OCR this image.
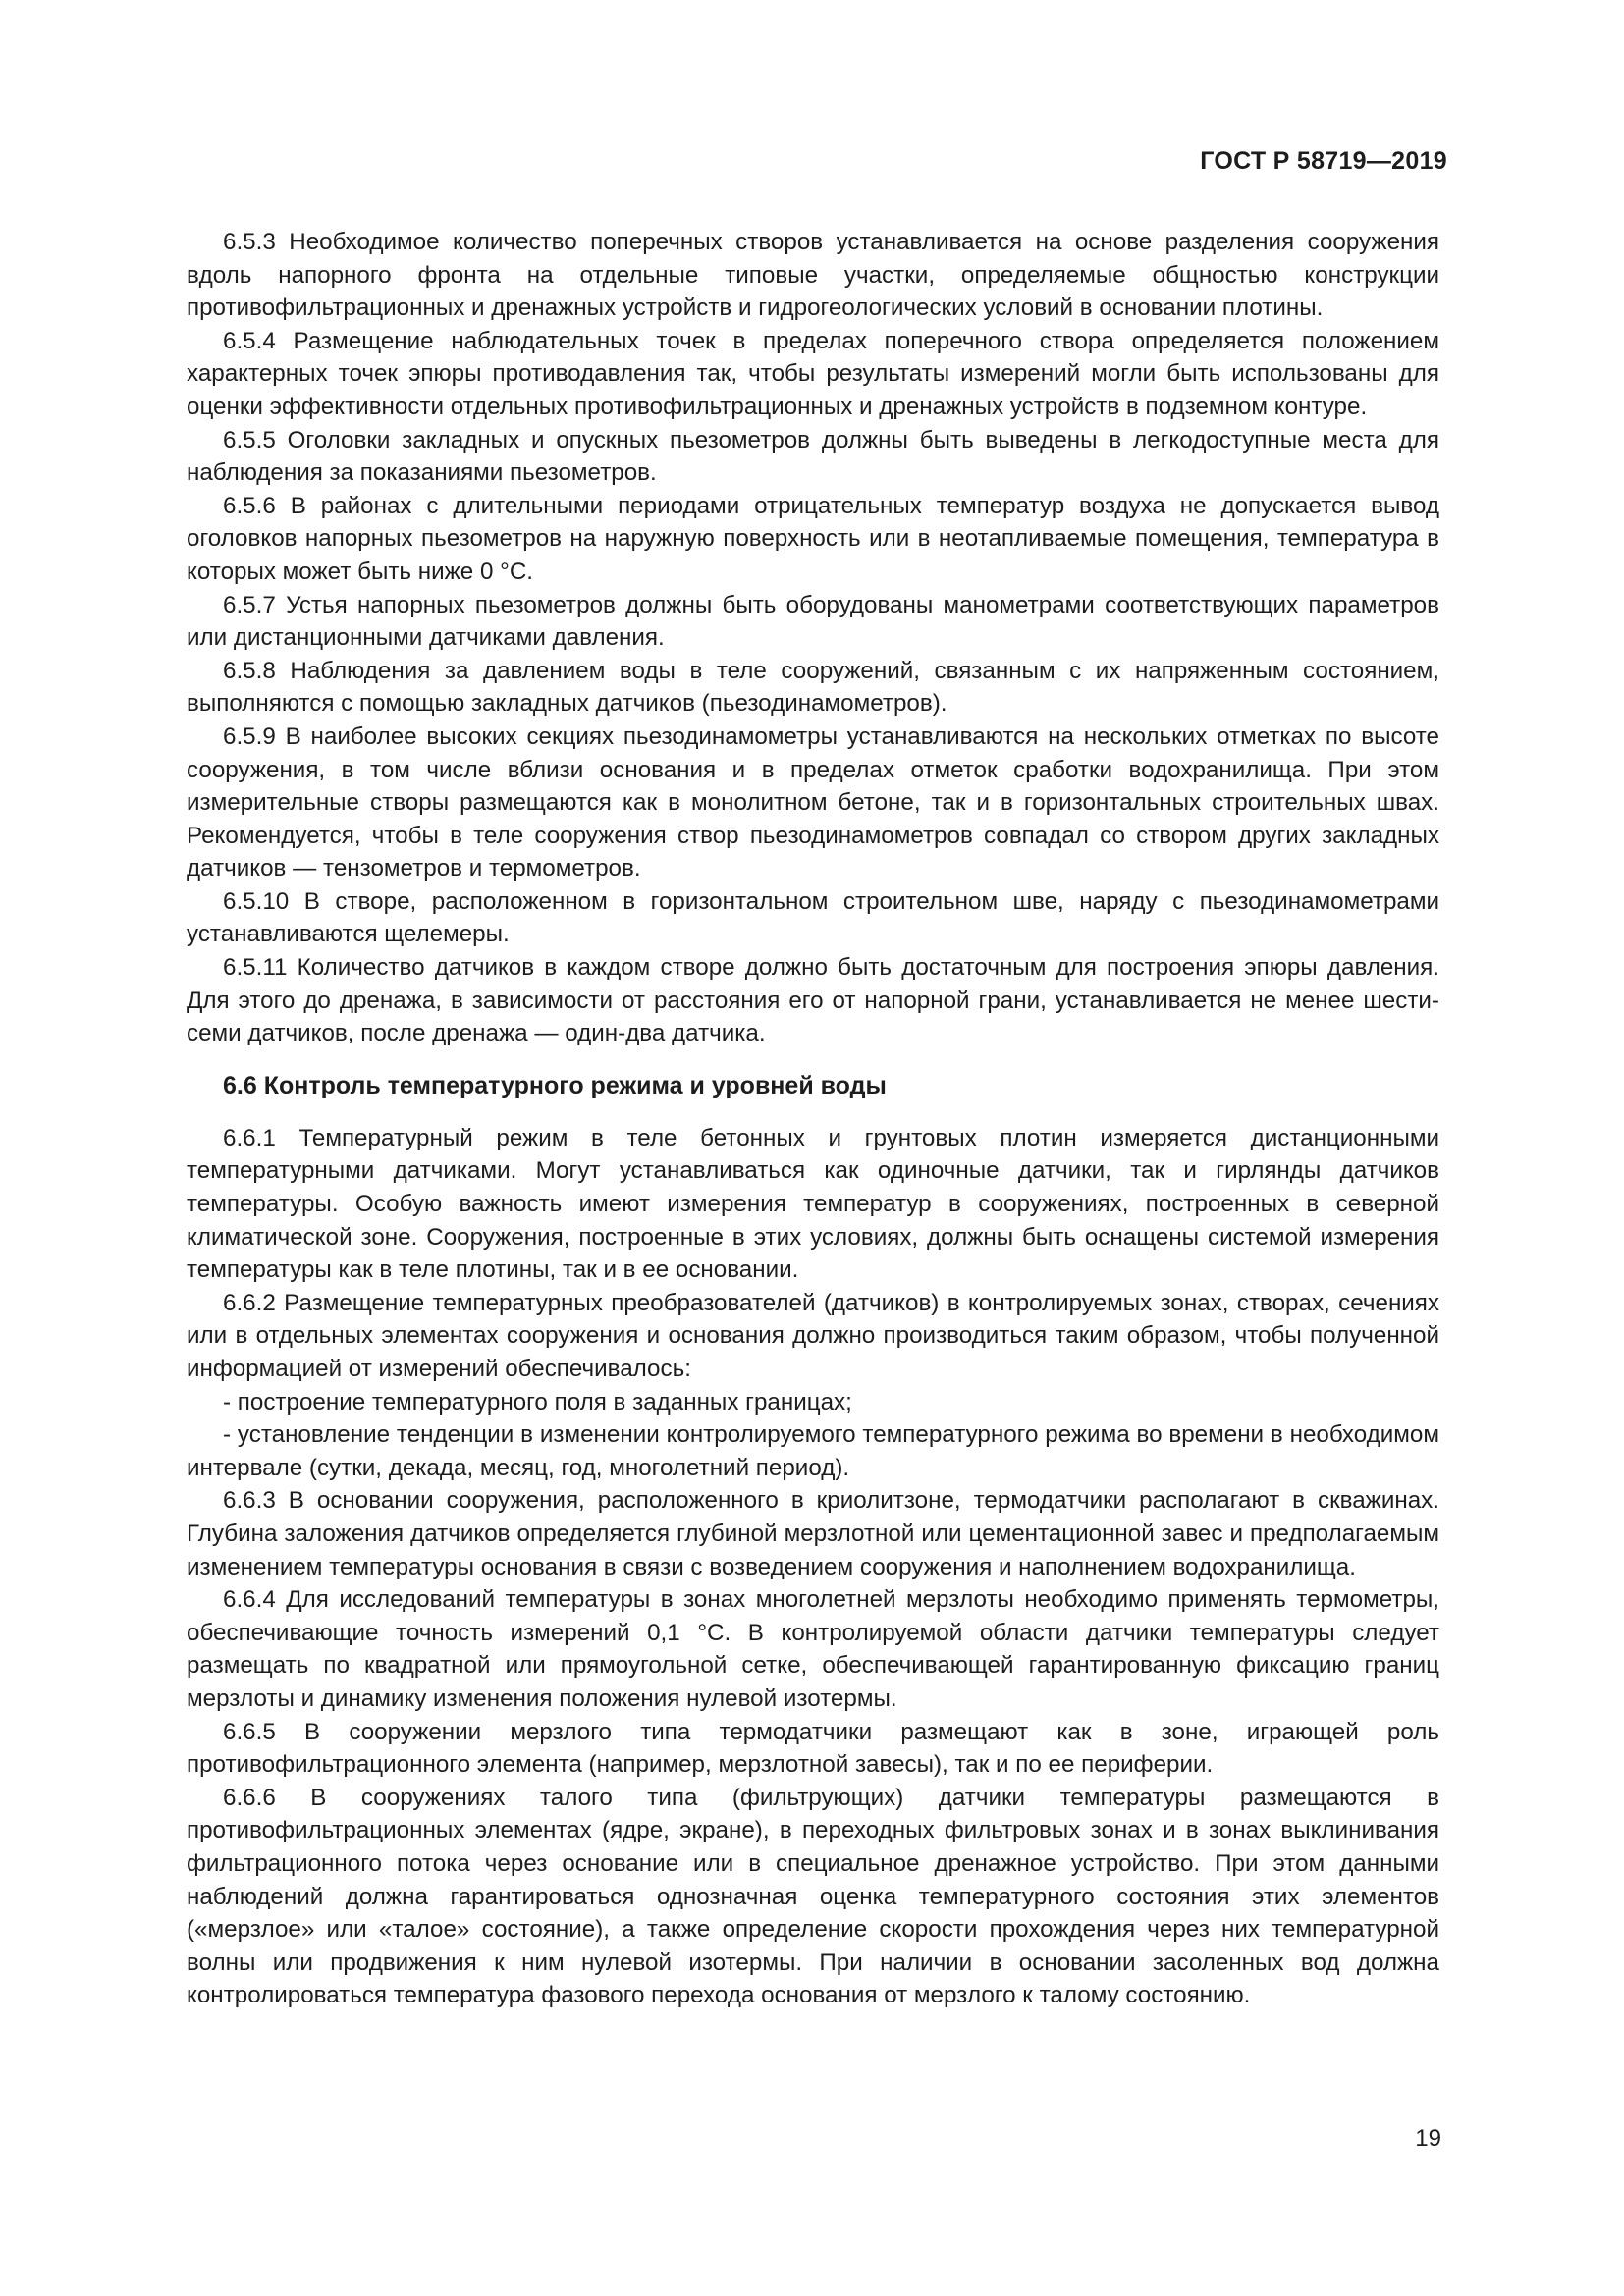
ГОСТ Р 58719—2019

6.5.3 Необходимое количество поперечных створов устанавливается на основе разделения сооружения вдоль напорного фронта на отдельные типовые участки, определяемые общностью конструкции противофильтрационных и дренажных устройств и гидрогеологических условий в основании плотины.

6.5.4 Размещение наблюдательных точек в пределах поперечного створа определяется положением характерных точек эпюры противодавления так, чтобы результаты измерений могли быть использованы для оценки эффективности отдельных противофильтрационных и дренажных устройств в подземном контуре.

6.5.5 Оголовки закладных и опускных пьезометров должны быть выведены в легкодоступные места для наблюдения за показаниями пьезометров.

6.5.6 В районах с длительными периодами отрицательных температур воздуха не допускается вывод оголовков напорных пьезометров на наружную поверхность или в неотапливаемые помещения, температура в которых может быть ниже 0 °С.

6.5.7 Устья напорных пьезометров должны быть оборудованы манометрами соответствующих параметров или дистанционными датчиками давления.

6.5.8 Наблюдения за давлением воды в теле сооружений, связанным с их напряженным состоянием, выполняются с помощью закладных датчиков (пьезодинамометров).

6.5.9 В наиболее высоких секциях пьезодинамометры устанавливаются на нескольких отметках по высоте сооружения, в том числе вблизи основания и в пределах отметок сработки водохранилища. При этом измерительные створы размещаются как в монолитном бетоне, так и в горизонтальных строительных швах. Рекомендуется, чтобы в теле сооружения створ пьезодинамометров совпадал со створом других закладных датчиков — тензометров и термометров.

6.5.10 В створе, расположенном в горизонтальном строительном шве, наряду с пьезодинамометрами устанавливаются щелемеры.

6.5.11 Количество датчиков в каждом створе должно быть достаточным для построения эпюры давления. Для этого до дренажа, в зависимости от расстояния его от напорной грани, устанавливается не менее шести-семи датчиков, после дренажа — один-два датчика.

6.6 Контроль температурного режима и уровней воды

6.6.1 Температурный режим в теле бетонных и грунтовых плотин измеряется дистанционными температурными датчиками. Могут устанавливаться как одиночные датчики, так и гирлянды датчиков температуры. Особую важность имеют измерения температур в сооружениях, построенных в северной климатической зоне. Сооружения, построенные в этих условиях, должны быть оснащены системой измерения температуры как в теле плотины, так и в ее основании.

6.6.2 Размещение температурных преобразователей (датчиков) в контролируемых зонах, створах, сечениях или в отдельных элементах сооружения и основания должно производиться таким образом, чтобы полученной информацией от измерений обеспечивалось:

- построение температурного поля в заданных границах;

- установление тенденции в изменении контролируемого температурного режима во времени в необходимом интервале (сутки, декада, месяц, год, многолетний период).

6.6.3 В основании сооружения, расположенного в криолитзоне, термодатчики располагают в скважинах. Глубина заложения датчиков определяется глубиной мерзлотной или цементационной завес и предполагаемым изменением температуры основания в связи с возведением сооружения и наполнением водохранилища.

6.6.4 Для исследований температуры в зонах многолетней мерзлоты необходимо применять термометры, обеспечивающие точность измерений 0,1 °С. В контролируемой области датчики температуры следует размещать по квадратной или прямоугольной сетке, обеспечивающей гарантированную фиксацию границ мерзлоты и динамику изменения положения нулевой изотермы.

6.6.5 В сооружении мерзлого типа термодатчики размещают как в зоне, играющей роль противофильтрационного элемента (например, мерзлотной завесы), так и по ее периферии.

6.6.6 В сооружениях талого типа (фильтрующих) датчики температуры размещаются в противофильтрационных элементах (ядре, экране), в переходных фильтровых зонах и в зонах выклинивания фильтрационного потока через основание или в специальное дренажное устройство. При этом данными наблюдений должна гарантироваться однозначная оценка температурного состояния этих элементов («мерзлое» или «талое» состояние), а также определение скорости прохождения через них температурной волны или продвижения к ним нулевой изотермы. При наличии в основании засоленных вод должна контролироваться температура фазового перехода основания от мерзлого к талому состоянию.

19
